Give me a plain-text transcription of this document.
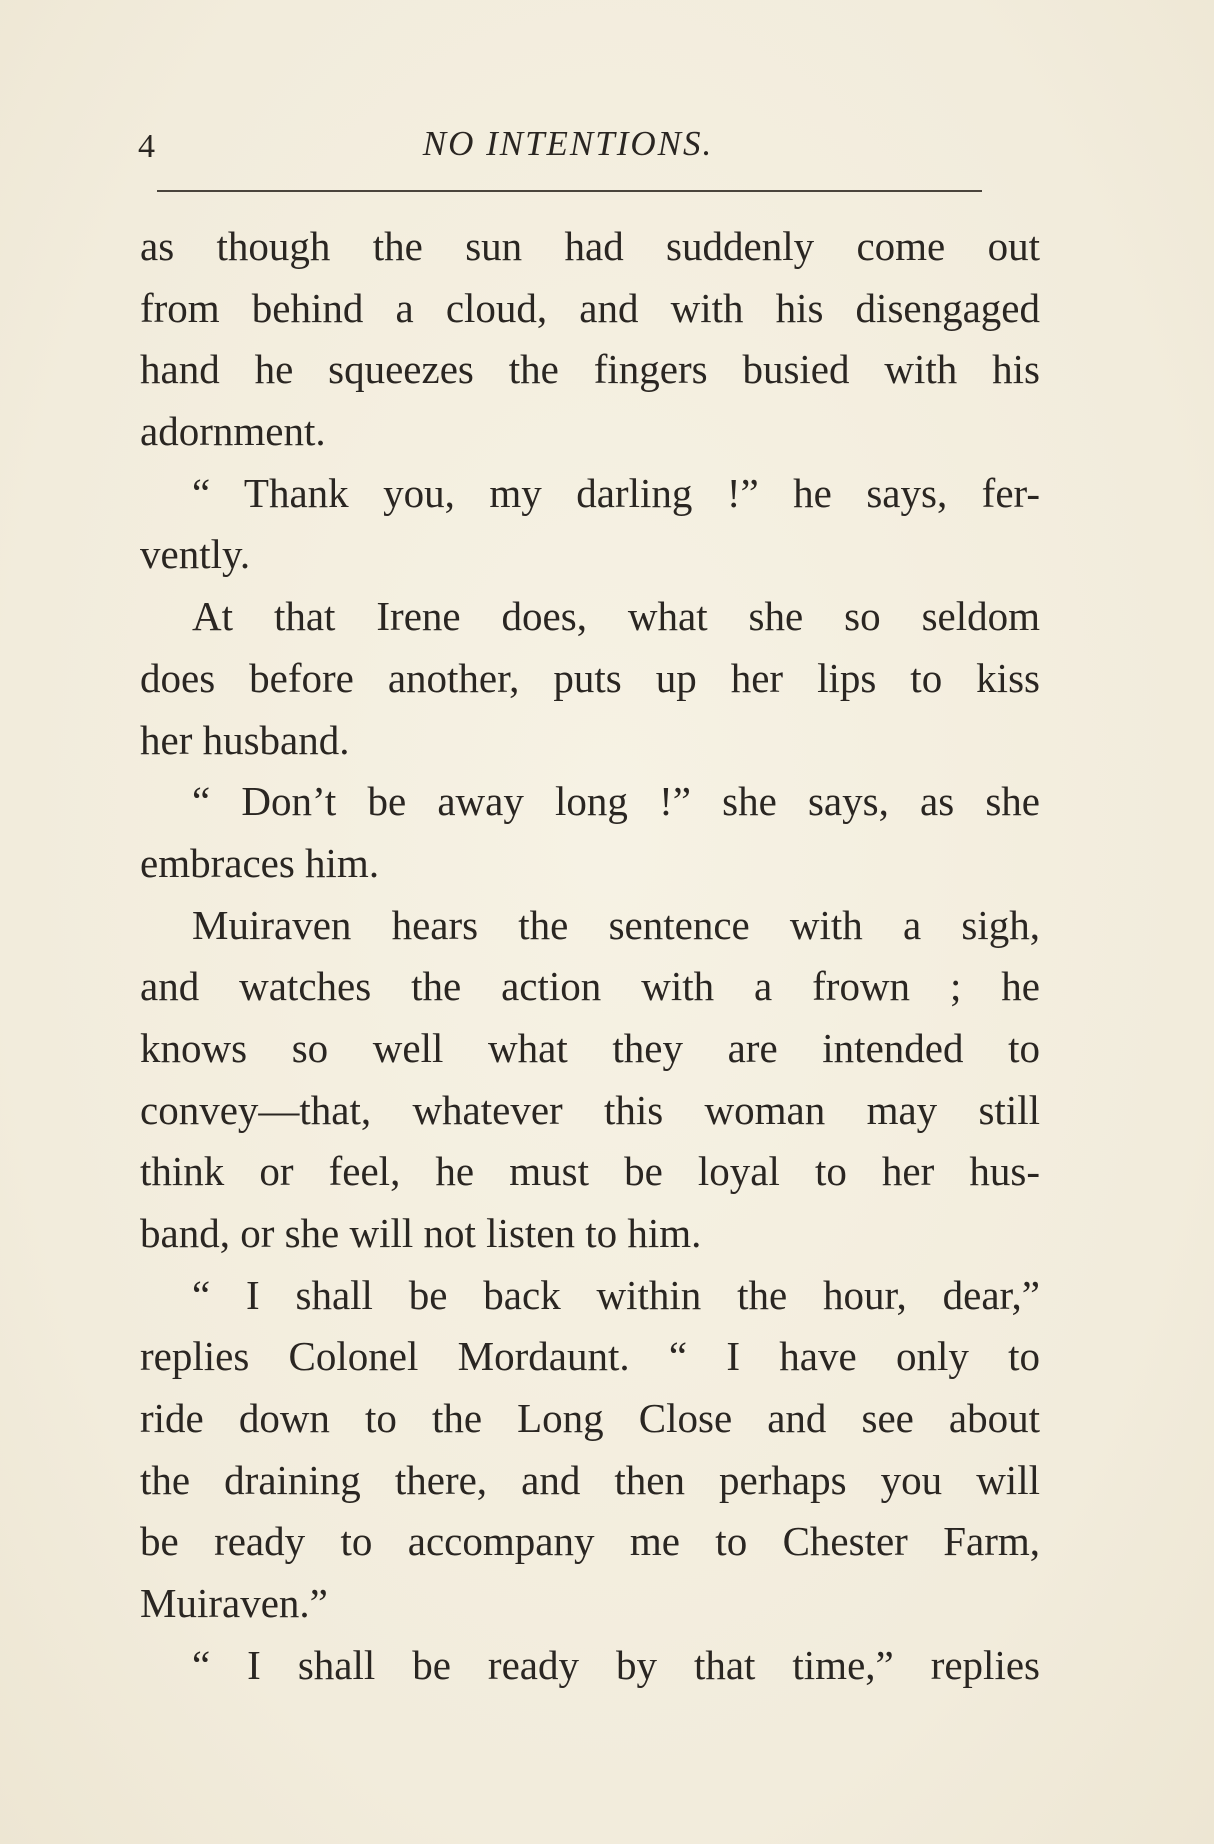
4	NO INTENTIONS.
as though the sun had suddenly come out
from behind a cloud, and with his disengaged
hand he squeezes the fingers busied with his
adornment.
“ Thank you, my darling !” he says, fer-
vently.
At that Irene does, what she so seldom
does before another, puts up her lips to kiss
her husband.
“ Don’t be away long !” she says, as she
embraces him.
Muiraven hears the sentence with a sigh,
and watches the action with a frown ; he
knows so well what they are intended to
convey—that, whatever this woman may still
think or feel, he must be loyal to her hus-
band, or she will not listen to him.
“ I shall be back within the hour, dear,”
replies Colonel Mordaunt. “ I have only to
ride down to the Long Close and see about
the draining there, and then perhaps you will
be ready to accompany me to Chester Farm,
Muiraven.”
“ I shall be ready by that time,” replies
